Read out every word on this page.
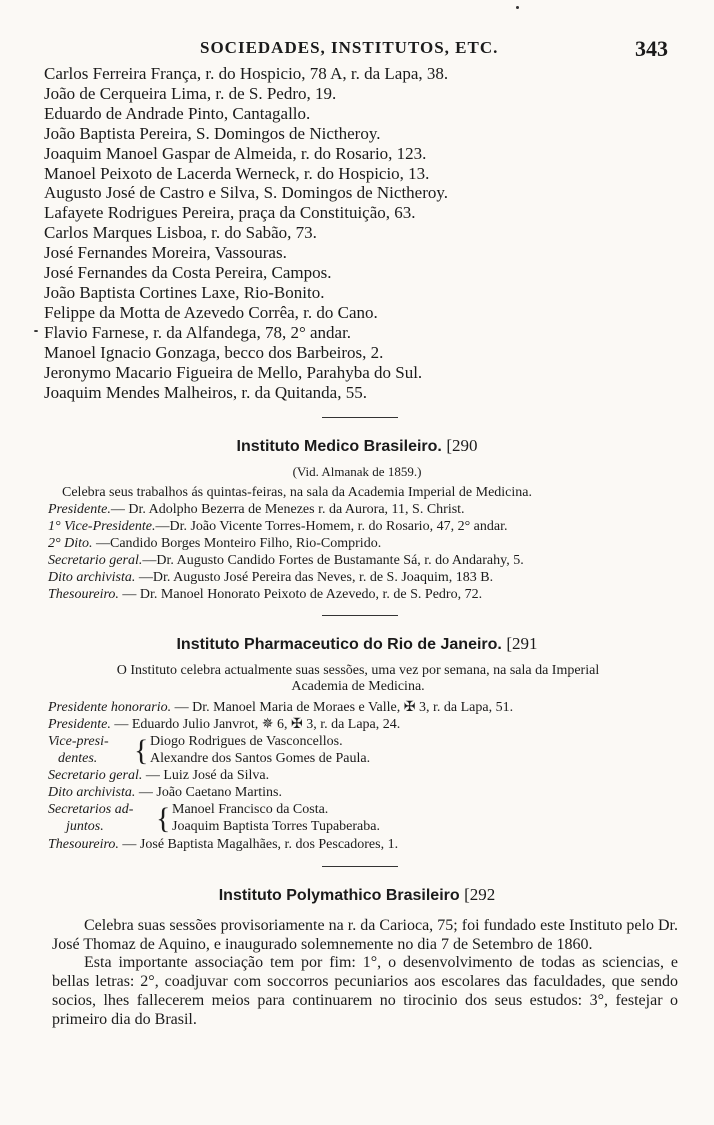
SOCIEDADES, INSTITUTOS, ETC.	343
Carlos Ferreira França, r. do Hospicio, 78 A, r. da Lapa, 38.
João de Cerqueira Lima, r. de S. Pedro, 19.
Eduardo de Andrade Pinto, Cantagallo.
João Baptista Pereira, S. Domingos de Nictheroy.
Joaquim Manoel Gaspar de Almeida, r. do Rosario, 123.
Manoel Peixoto de Lacerda Werneck, r. do Hospicio, 13.
Augusto José de Castro e Silva, S. Domingos de Nictheroy.
Lafayete Rodrigues Pereira, praça da Constituição, 63.
Carlos Marques Lisboa, r. do Sabão, 73.
José Fernandes Moreira, Vassouras.
José Fernandes da Costa Pereira, Campos.
João Baptista Cortines Laxe, Rio-Bonito.
Felippe da Motta de Azevedo Corrêa, r. do Cano.
Flavio Farnese, r. da Alfandega, 78, 2° andar.
Manoel Ignacio Gonzaga, becco dos Barbeiros, 2.
Jeronymo Macario Figueira de Mello, Parahyba do Sul.
Joaquim Mendes Malheiros, r. da Quitanda, 55.
Instituto Medico Brasileiro. [290
(Vid. Almanak de 1859.)
Celebra seus trabalhos ás quintas-feiras, na sala da Academia Imperial de Medicina.
Presidente.— Dr. Adolpho Bezerra de Menezes r. da Aurora, 11, S. Christ.
1° Vice-Presidente.—Dr. João Vicente Torres-Homem, r. do Rosario, 47, 2° andar.
2° Dito. —Candido Borges Monteiro Filho, Rio-Comprido.
Secretario geral.—Dr. Augusto Candido Fortes de Bustamante Sá, r. do Andarahy, 5.
Dito archivista. —Dr. Augusto José Pereira das Neves, r. de S. Joaquim, 183 B.
Thesoureiro. — Dr. Manoel Honorato Peixoto de Azevedo, r. de S. Pedro, 72.
Instituto Pharmaceutico do Rio de Janeiro. [291
O Instituto celebra actualmente suas sessões, uma vez por semana, na sala da Imperial
Academia de Medicina.
Presidente honorario. — Dr. Manoel Maria de Moraes e Valle, ✠ 3, r. da Lapa, 51.
Presidente. — Eduardo Julio Janvrot, ✵ 6, ✠ 3, r. da Lapa, 24.
Vice-presi-
dentes. { Diogo Rodrigues de Vasconcellos.
Alexandre dos Santos Gomes de Paula.
Secretario geral. — Luiz José da Silva.
Dito archivista. — João Caetano Martins.
Secretarios ad-
juntos. { Manoel Francisco da Costa.
Joaquim Baptista Torres Tupaberaba.
Thesoureiro. — José Baptista Magalhães, r. dos Pescadores, 1.
Instituto Polymathico Brasileiro [292

Celebra suas sessões provisoriamente na r. da Carioca, 75; foi fundado este Instituto pelo Dr. José Thomaz de Aquino, e inaugurado solemnemente no dia 7 de Setembro de 1860.

Esta importante associação tem por fim: 1°, o desenvolvimento de todas as sciencias, e bellas letras: 2°, coadjuvar com soccorros pecuniarios aos escolares das faculdades, que sendo socios, lhes fallecerem meios para continuarem no tirocinio dos seus estudos: 3°, festejar o primeiro dia do Brasil.
